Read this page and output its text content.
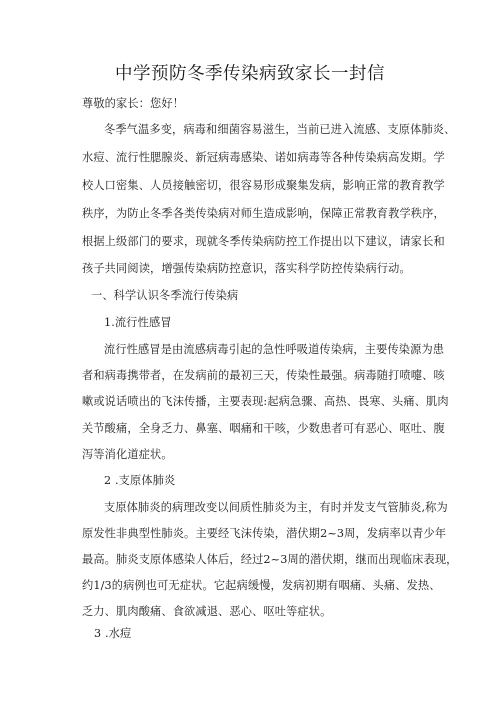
中学预防冬季传染病致家长一封信
尊敬的家长：您好！
冬季气温多变，病毒和细菌容易滋生，当前已进入流感、支原体肺炎、
水痘、流行性腮腺炎、新冠病毒感染、诺如病毒等各种传染病高发期。学
校人口密集、人员接触密切，很容易形成聚集发病，影响正常的教育教学
秩序，为防止冬季各类传染病对师生造成影响，保障正常教育教学秩序，
根据上级部门的要求，现就冬季传染病防控工作提出以下建议，请家长和
孩子共同阅读，增强传染病防控意识，落实科学防控传染病行动。
一、科学认识冬季流行传染病
1.流行性感冒
流行性感冒是由流感病毒引起的急性呼吸道传染病，主要传染源为患
者和病毒携带者，在发病前的最初三天，传染性最强。病毒随打喷嚏、咳
嗽或说话喷出的飞沫传播，主要表现:起病急骤、高热、畏寒、头痛、肌肉
关节酸痛，全身乏力、鼻塞、咽痛和干咳，少数患者可有恶心、呕吐、腹
泻等消化道症状。
2 .支原体肺炎
支原体肺炎的病理改变以间质性肺炎为主，有时并发支气管肺炎,称为
原发性非典型性肺炎。主要经飞沫传染，潜伏期2~3周，发病率以青少年
最高。肺炎支原体感染人体后，经过2~3周的潜伏期，继而出现临床表现，
约1/3的病例也可无症状。它起病缓慢，发病初期有咽痛、头痛、发热、
乏力、肌肉酸痛、食欲减退、恶心、呕吐等症状。
3 .水痘
